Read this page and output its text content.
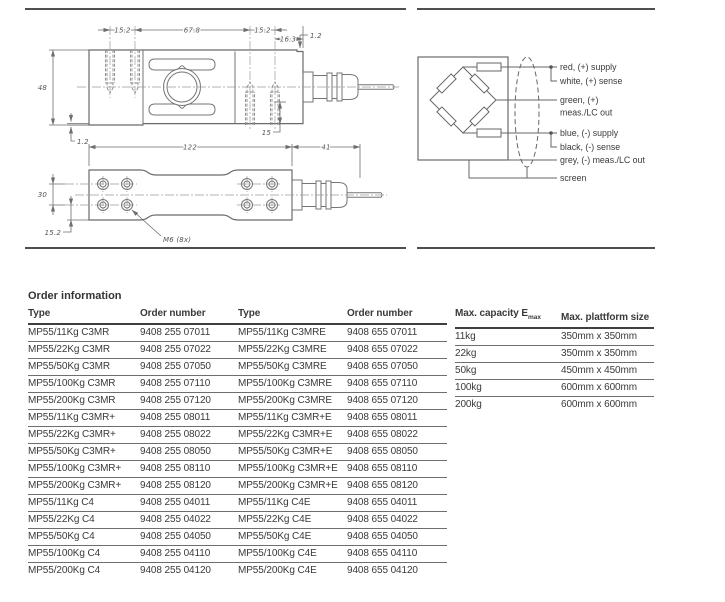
15.2	67.8	15.2
16.3 1.2
48
1.2
15
122	41
30
15.2
M6 (8x)
red, (+) supply
white, (+) sense
green, (+)
meas./LC out
blue, (-) supply
black, (-) sense
grey, (-) meas./LC out
screen
Order information
Type	Order number	Type	Order number
MP55/11Kg C3MR	9408 255 07011	MP55/11Kg C3MRE	9408 655 07011
MP55/22Kg C3MR	9408 255 07022	MP55/22Kg C3MRE	9408 655 07022
MP55/50Kg C3MR	9408 255 07050	MP55/50Kg C3MRE	9408 655 07050
MP55/100Kg C3MR	9408 255 07110	MP55/100Kg C3MRE	9408 655 07110
MP55/200Kg C3MR	9408 255 07120	MP55/200Kg C3MRE	9408 655 07120
MP55/11Kg C3MR+	9408 255 08011	MP55/11Kg C3MR+E	9408 655 08011
MP55/22Kg C3MR+	9408 255 08022	MP55/22Kg C3MR+E	9408 655 08022
MP55/50Kg C3MR+	9408 255 08050	MP55/50Kg C3MR+E	9408 655 08050
MP55/100Kg C3MR+	9408 255 08110	MP55/100Kg C3MR+E	9408 655 08110
MP55/200Kg C3MR+	9408 255 08120	MP55/200Kg C3MR+E	9408 655 08120
MP55/11Kg C4	9408 255 04011	MP55/11Kg C4E	9408 655 04011
MP55/22Kg C4	9408 255 04022	MP55/22Kg C4E	9408 655 04022
MP55/50Kg C4	9408 255 04050	MP55/50Kg C4E	9408 655 04050
MP55/100Kg C4	9408 255 04110	MP55/100Kg C4E	9408 655 04110
MP55/200Kg C4	9408 255 04120	MP55/200Kg C4E	9408 655 04120
Max. capacity $E_{max}$	Max. plattform size
11kg	350mm x 350mm
22kg	350mm x 350mm
50kg	450mm x 450mm
100kg	600mm x 600mm
200kg	600mm x 600mm
